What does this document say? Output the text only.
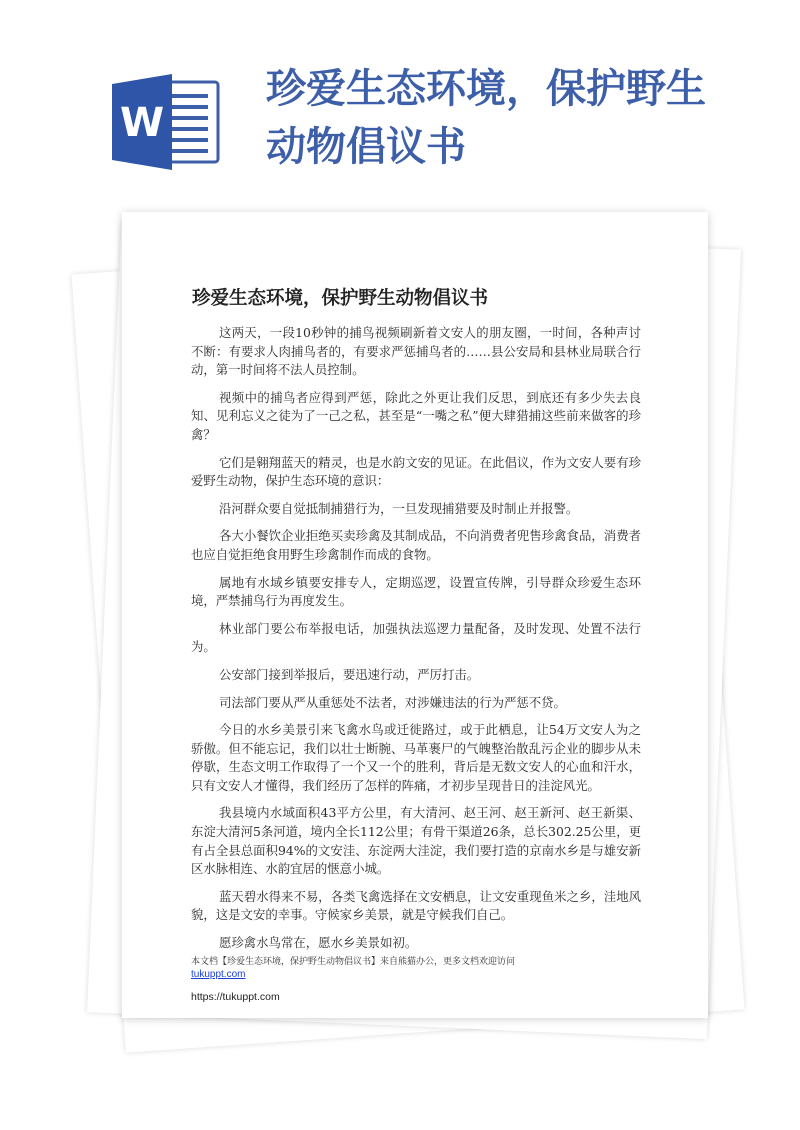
W
珍爱生态环境，保护野生动物倡议书
珍爱生态环境，保护野生动物倡议书

这两天，一段10秒钟的捕鸟视频刷新着文安人的朋友圈，一时间，各种声讨不断：有要求人肉捕鸟者的，有要求严惩捕鸟者的……县公安局和县林业局联合行动，第一时间将不法人员控制。

视频中的捕鸟者应得到严惩，除此之外更让我们反思，到底还有多少失去良知、见利忘义之徒为了一己之私，甚至是“一嘴之私”便大肆猎捕这些前来做客的珍禽？

它们是翱翔蓝天的精灵，也是水韵文安的见证。在此倡议，作为文安人要有珍爱野生动物，保护生态环境的意识：

沿河群众要自觉抵制捕猎行为，一旦发现捕猎要及时制止并报警。

各大小餐饮企业拒绝买卖珍禽及其制成品，不向消费者兜售珍禽食品，消费者也应自觉拒绝食用野生珍禽制作而成的食物。

属地有水域乡镇要安排专人，定期巡逻，设置宣传牌，引导群众珍爱生态环境，严禁捕鸟行为再度发生。

林业部门要公布举报电话，加强执法巡逻力量配备，及时发现、处置不法行为。

公安部门接到举报后，要迅速行动，严厉打击。

司法部门要从严从重惩处不法者，对涉嫌违法的行为严惩不贷。

今日的水乡美景引来飞禽水鸟或迁徙路过，或于此栖息，让54万文安人为之骄傲。但不能忘记，我们以壮士断腕、马革裹尸的气魄整治散乱污企业的脚步从未停歇，生态文明工作取得了一个又一个的胜利，背后是无数文安人的心血和汗水，只有文安人才懂得，我们经历了怎样的阵痛，才初步呈现昔日的洼淀风光。

我县境内水域面积43平方公里，有大清河、赵王河、赵王新河、赵王新渠、东淀大清河5条河道，境内全长112公里；有骨干渠道26条，总长302.25公里，更有占全县总面积94%的文安洼、东淀两大洼淀，我们要打造的京南水乡是与雄安新区水脉相连、水韵宜居的惬意小城。

蓝天碧水得来不易，各类飞禽选择在文安栖息，让文安重现鱼米之乡，洼地风貌，这是文安的幸事。守候家乡美景，就是守候我们自己。

愿珍禽水鸟常在，愿水乡美景如初。

本文档【珍爱生态环境，保护野生动物倡议书】来自熊猫办公，更多文档欢迎访问
tukuppt.com
https://tukuppt.com
